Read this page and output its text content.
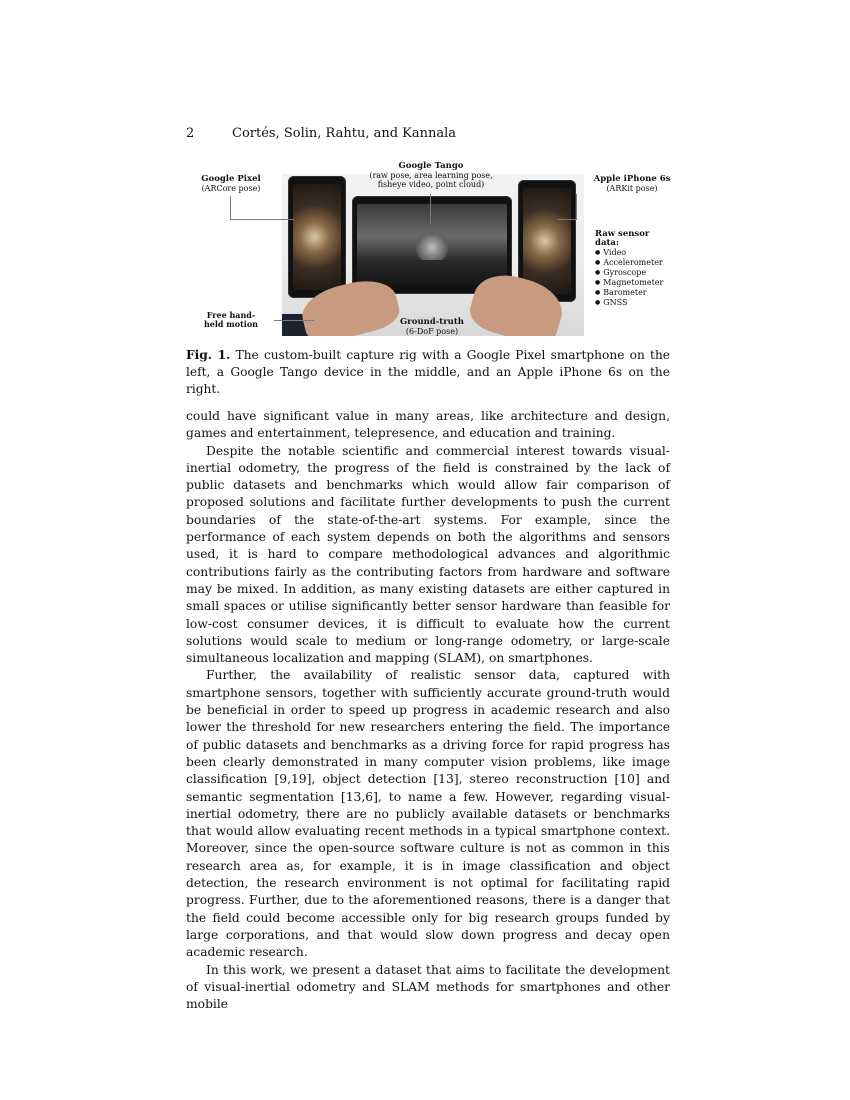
2	Cortés, Solin, Rahtu, and Kannala
Google Pixel
(ARCore pose)
Google Tango
(raw pose, area learning pose, fisheye video, point cloud)
Apple iPhone 6s
(ARKit pose)
Raw sensor data:
● Video
● Accelerometer
● Gyroscope
● Magnetometer
● Barometer
● GNSS
Free hand-held motion	Ground-truth
(6-DoF pose)
Fig. 1. The custom-built capture rig with a Google Pixel smartphone on the left, a Google Tango device in the middle, and an Apple iPhone 6s on the right.

could have significant value in many areas, like architecture and design, games and entertainment, telepresence, and education and training.

Despite the notable scientific and commercial interest towards visual-inertial odometry, the progress of the field is constrained by the lack of public datasets and benchmarks which would allow fair comparison of proposed solutions and facilitate further developments to push the current boundaries of the state-of-the-art systems. For example, since the performance of each system depends on both the algorithms and sensors used, it is hard to compare methodological advances and algorithmic contributions fairly as the contributing factors from hardware and software may be mixed. In addition, as many existing datasets are either captured in small spaces or utilise significantly better sensor hardware than feasible for low-cost consumer devices, it is difficult to evaluate how the current solutions would scale to medium or long-range odometry, or large-scale simultaneous localization and mapping (SLAM), on smartphones.

Further, the availability of realistic sensor data, captured with smartphone sensors, together with sufficiently accurate ground-truth would be beneficial in order to speed up progress in academic research and also lower the threshold for new researchers entering the field. The importance of public datasets and benchmarks as a driving force for rapid progress has been clearly demonstrated in many computer vision problems, like image classification [9,19], object detection [13], stereo reconstruction [10] and semantic segmentation [13,6], to name a few. However, regarding visual-inertial odometry, there are no publicly available datasets or benchmarks that would allow evaluating recent methods in a typical smartphone context. Moreover, since the open-source software culture is not as common in this research area as, for example, it is in image classification and object detection, the research environment is not optimal for facilitating rapid progress. Further, due to the aforementioned reasons, there is a danger that the field could become accessible only for big research groups funded by large corporations, and that would slow down progress and decay open academic research.

In this work, we present a dataset that aims to facilitate the development of visual-inertial odometry and SLAM methods for smartphones and other mobile
